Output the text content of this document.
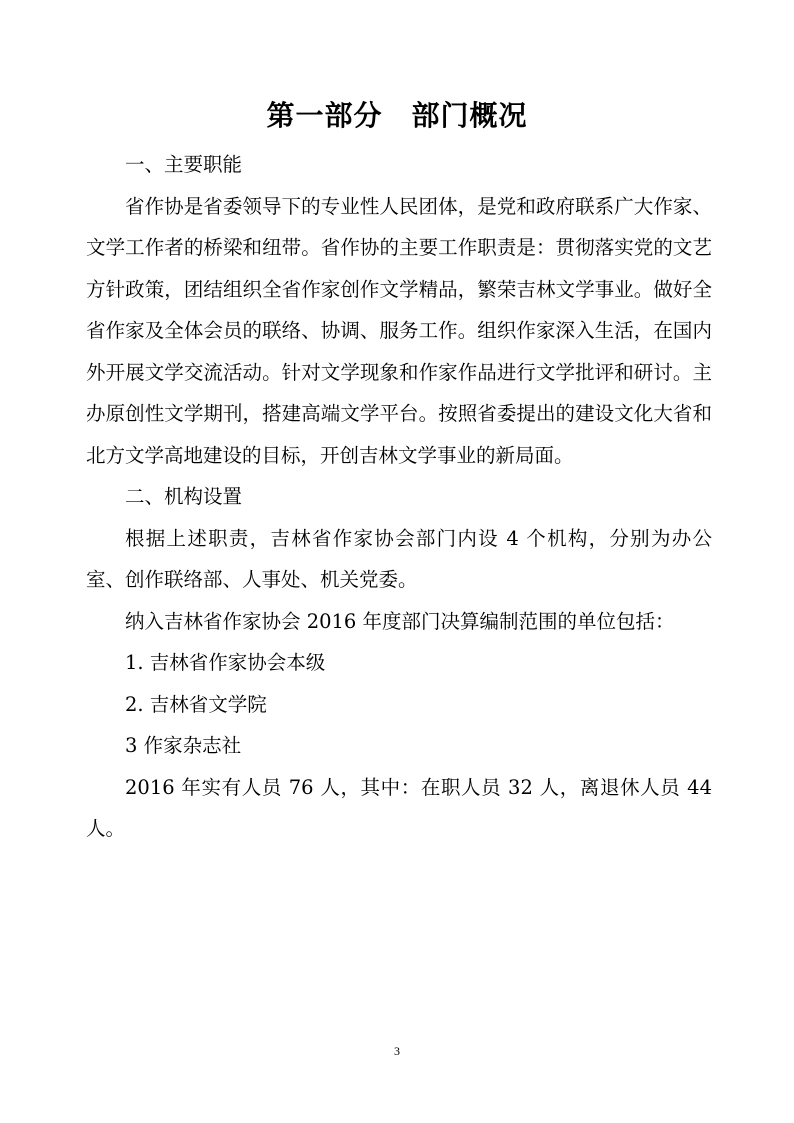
第一部分　部门概况

一、主要职能

省作协是省委领导下的专业性人民团体，是党和政府联系广大作家、文学工作者的桥梁和纽带。省作协的主要工作职责是：贯彻落实党的文艺方针政策，团结组织全省作家创作文学精品，繁荣吉林文学事业。做好全省作家及全体会员的联络、协调、服务工作。组织作家深入生活，在国内外开展文学交流活动。针对文学现象和作家作品进行文学批评和研讨。主办原创性文学期刊，搭建高端文学平台。按照省委提出的建设文化大省和北方文学高地建设的目标，开创吉林文学事业的新局面。

二、机构设置

根据上述职责，吉林省作家协会部门内设 4 个机构，分别为办公室、创作联络部、人事处、机关党委。

纳入吉林省作家协会 2016 年度部门决算编制范围的单位包括：

1. 吉林省作家协会本级

2. 吉林省文学院

3 作家杂志社

2016 年实有人员 76 人，其中：在职人员 32 人，离退休人员 44 人。

3
